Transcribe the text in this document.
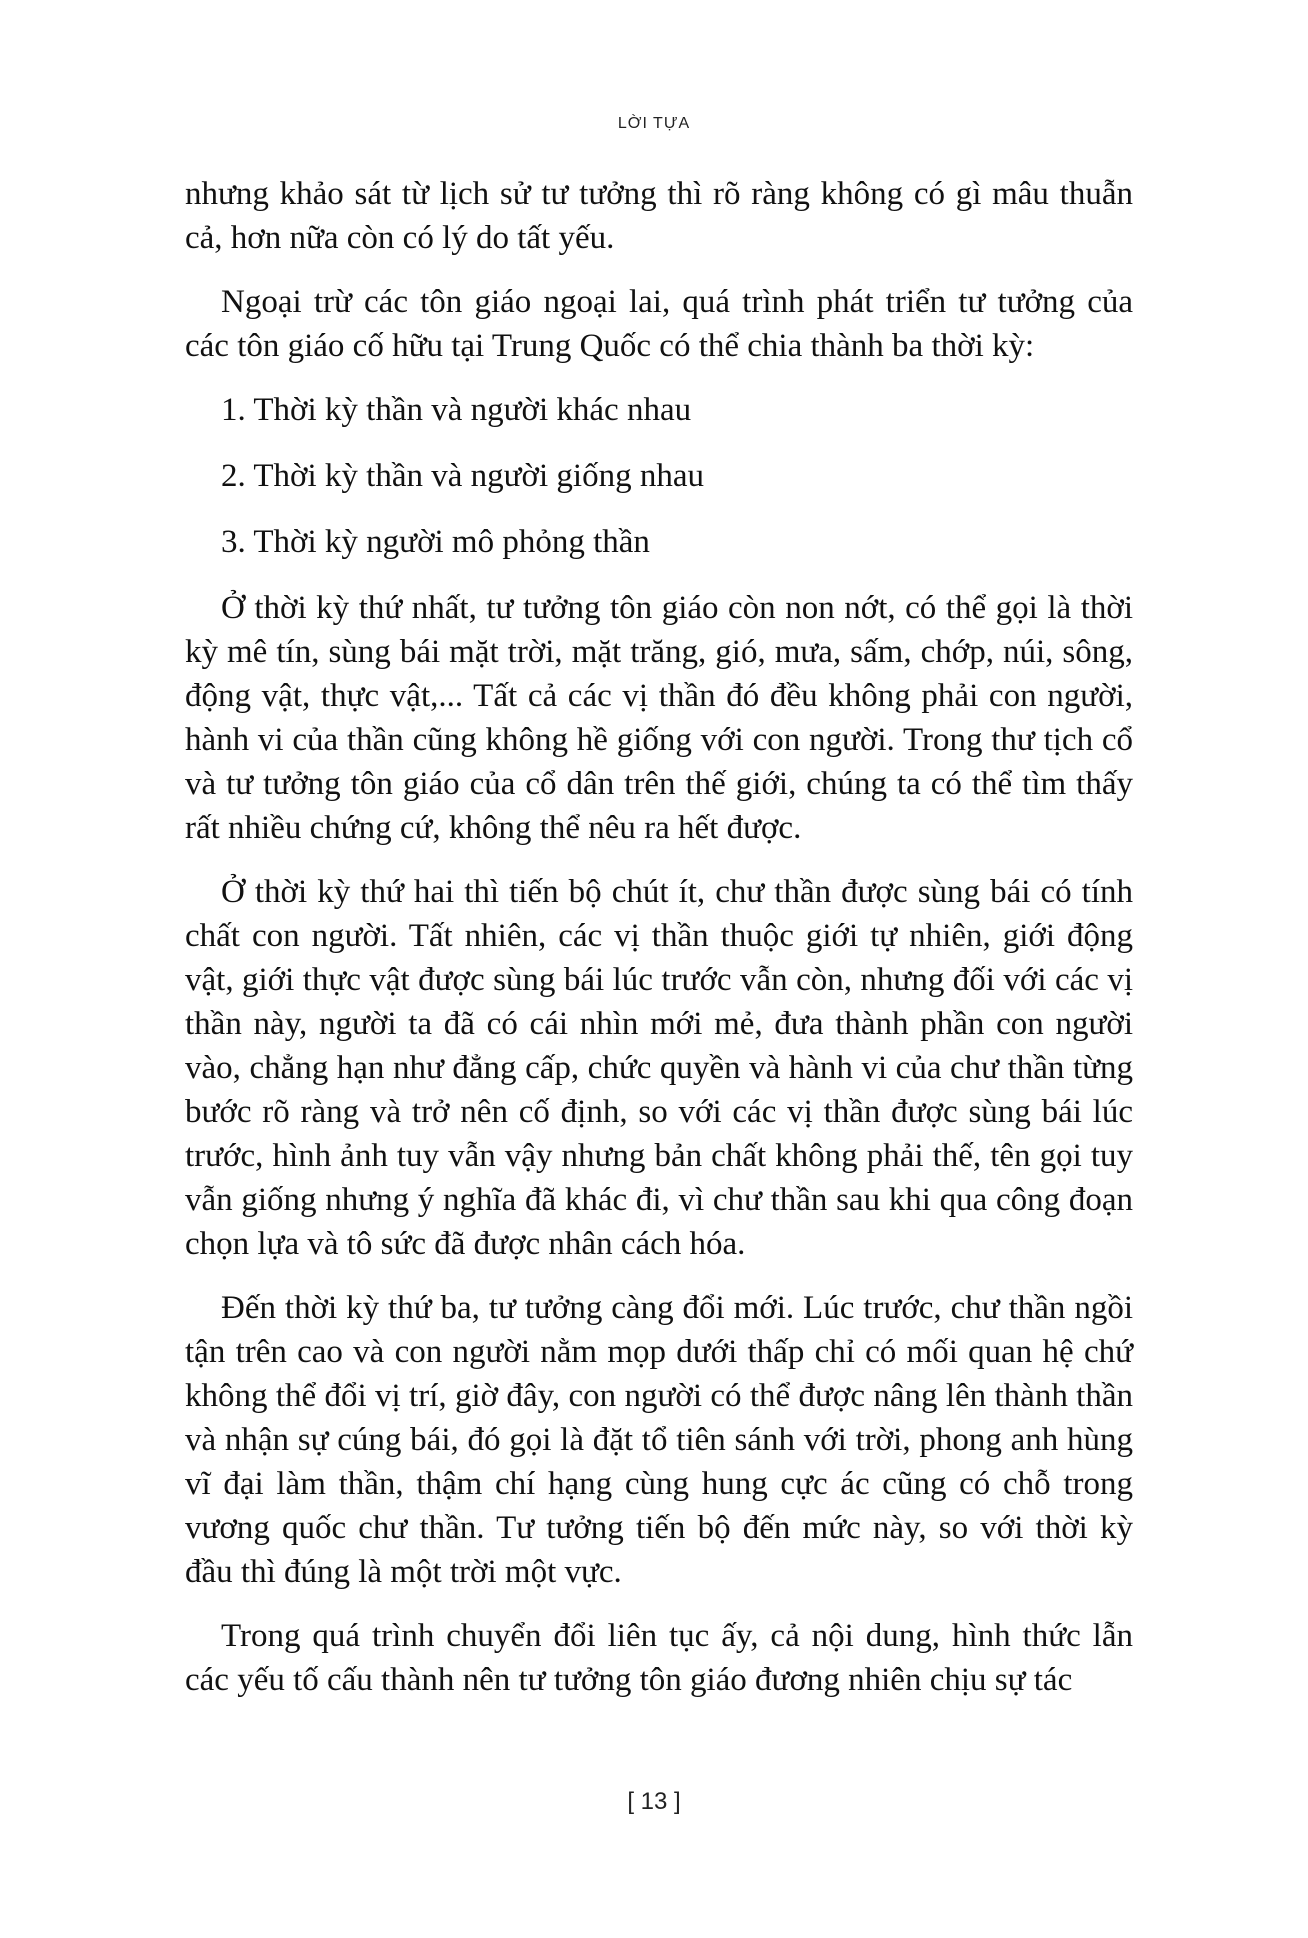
LỜI TỰA

nhưng khảo sát từ lịch sử tư tưởng thì rõ ràng không có gì mâu thuẫn cả, hơn nữa còn có lý do tất yếu.

Ngoại trừ các tôn giáo ngoại lai, quá trình phát triển tư tưởng của các tôn giáo cố hữu tại Trung Quốc có thể chia thành ba thời kỳ:

1. Thời kỳ thần và người khác nhau
2. Thời kỳ thần và người giống nhau
3. Thời kỳ người mô phỏng thần

Ở thời kỳ thứ nhất, tư tưởng tôn giáo còn non nớt, có thể gọi là thời kỳ mê tín, sùng bái mặt trời, mặt trăng, gió, mưa, sấm, chớp, núi, sông, động vật, thực vật,... Tất cả các vị thần đó đều không phải con người, hành vi của thần cũng không hề giống với con người. Trong thư tịch cổ và tư tưởng tôn giáo của cổ dân trên thế giới, chúng ta có thể tìm thấy rất nhiều chứng cứ, không thể nêu ra hết được.

Ở thời kỳ thứ hai thì tiến bộ chút ít, chư thần được sùng bái có tính chất con người. Tất nhiên, các vị thần thuộc giới tự nhiên, giới động vật, giới thực vật được sùng bái lúc trước vẫn còn, nhưng đối với các vị thần này, người ta đã có cái nhìn mới mẻ, đưa thành phần con người vào, chẳng hạn như đẳng cấp, chức quyền và hành vi của chư thần từng bước rõ ràng và trở nên cố định, so với các vị thần được sùng bái lúc trước, hình ảnh tuy vẫn vậy nhưng bản chất không phải thế, tên gọi tuy vẫn giống nhưng ý nghĩa đã khác đi, vì chư thần sau khi qua công đoạn chọn lựa và tô sức đã được nhân cách hóa.

Đến thời kỳ thứ ba, tư tưởng càng đổi mới. Lúc trước, chư thần ngồi tận trên cao và con người nằm mọp dưới thấp chỉ có mối quan hệ chứ không thể đổi vị trí, giờ đây, con người có thể được nâng lên thành thần và nhận sự cúng bái, đó gọi là đặt tổ tiên sánh với trời, phong anh hùng vĩ đại làm thần, thậm chí hạng cùng hung cực ác cũng có chỗ trong vương quốc chư thần. Tư tưởng tiến bộ đến mức này, so với thời kỳ đầu thì đúng là một trời một vực.

Trong quá trình chuyển đổi liên tục ấy, cả nội dung, hình thức lẫn các yếu tố cấu thành nên tư tưởng tôn giáo đương nhiên chịu sự tác

[ 13 ]
